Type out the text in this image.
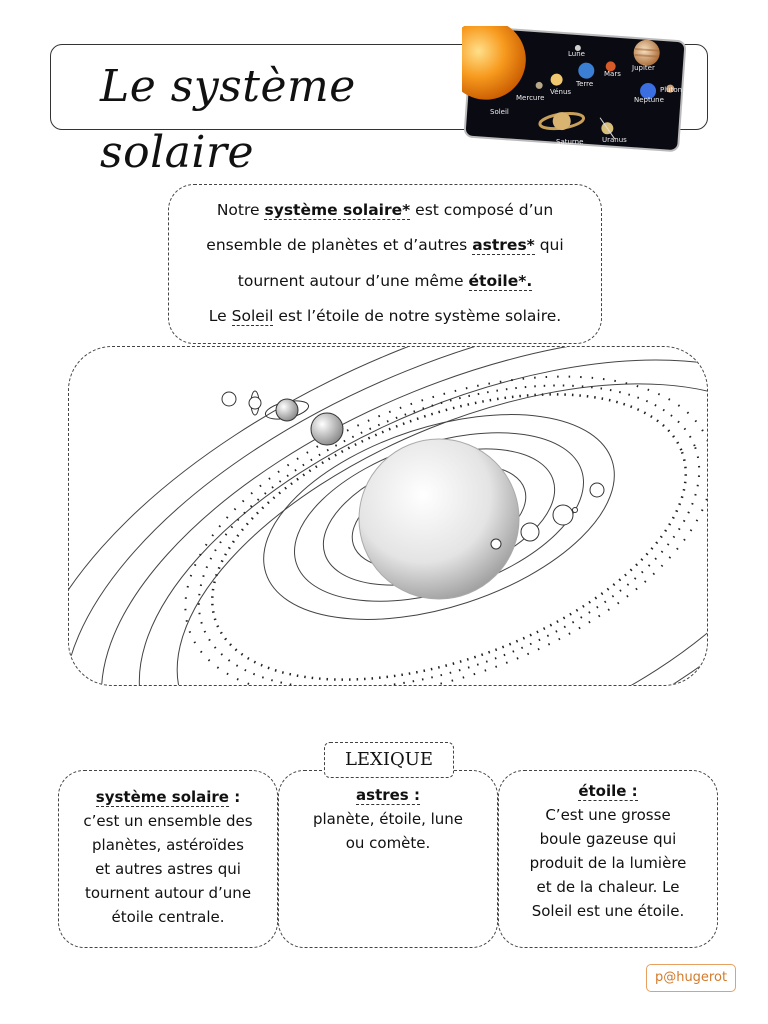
Le système solaire
Lune
Jupiter
Mars
Terre
Mercure
Vénus
Neptune
Pluton
Soleil
Uranus
Saturne
Notre système solaire* est composé d’un
ensemble de planètes et d’autres astres* qui
tournent autour d’une même étoile*.
Le Soleil est l’étoile de notre système solaire.
système solaire :
c’est un ensemble des
planètes, astéroïdes
et autres astres qui
tournent autour d’une
étoile centrale.
astres :
planète, étoile, lune
ou comète.
étoile :
C’est une grosse
boule gazeuse qui
produit de la lumière
et de la chaleur. Le
Soleil est une étoile.
LEXIQUE
p@hugerot
